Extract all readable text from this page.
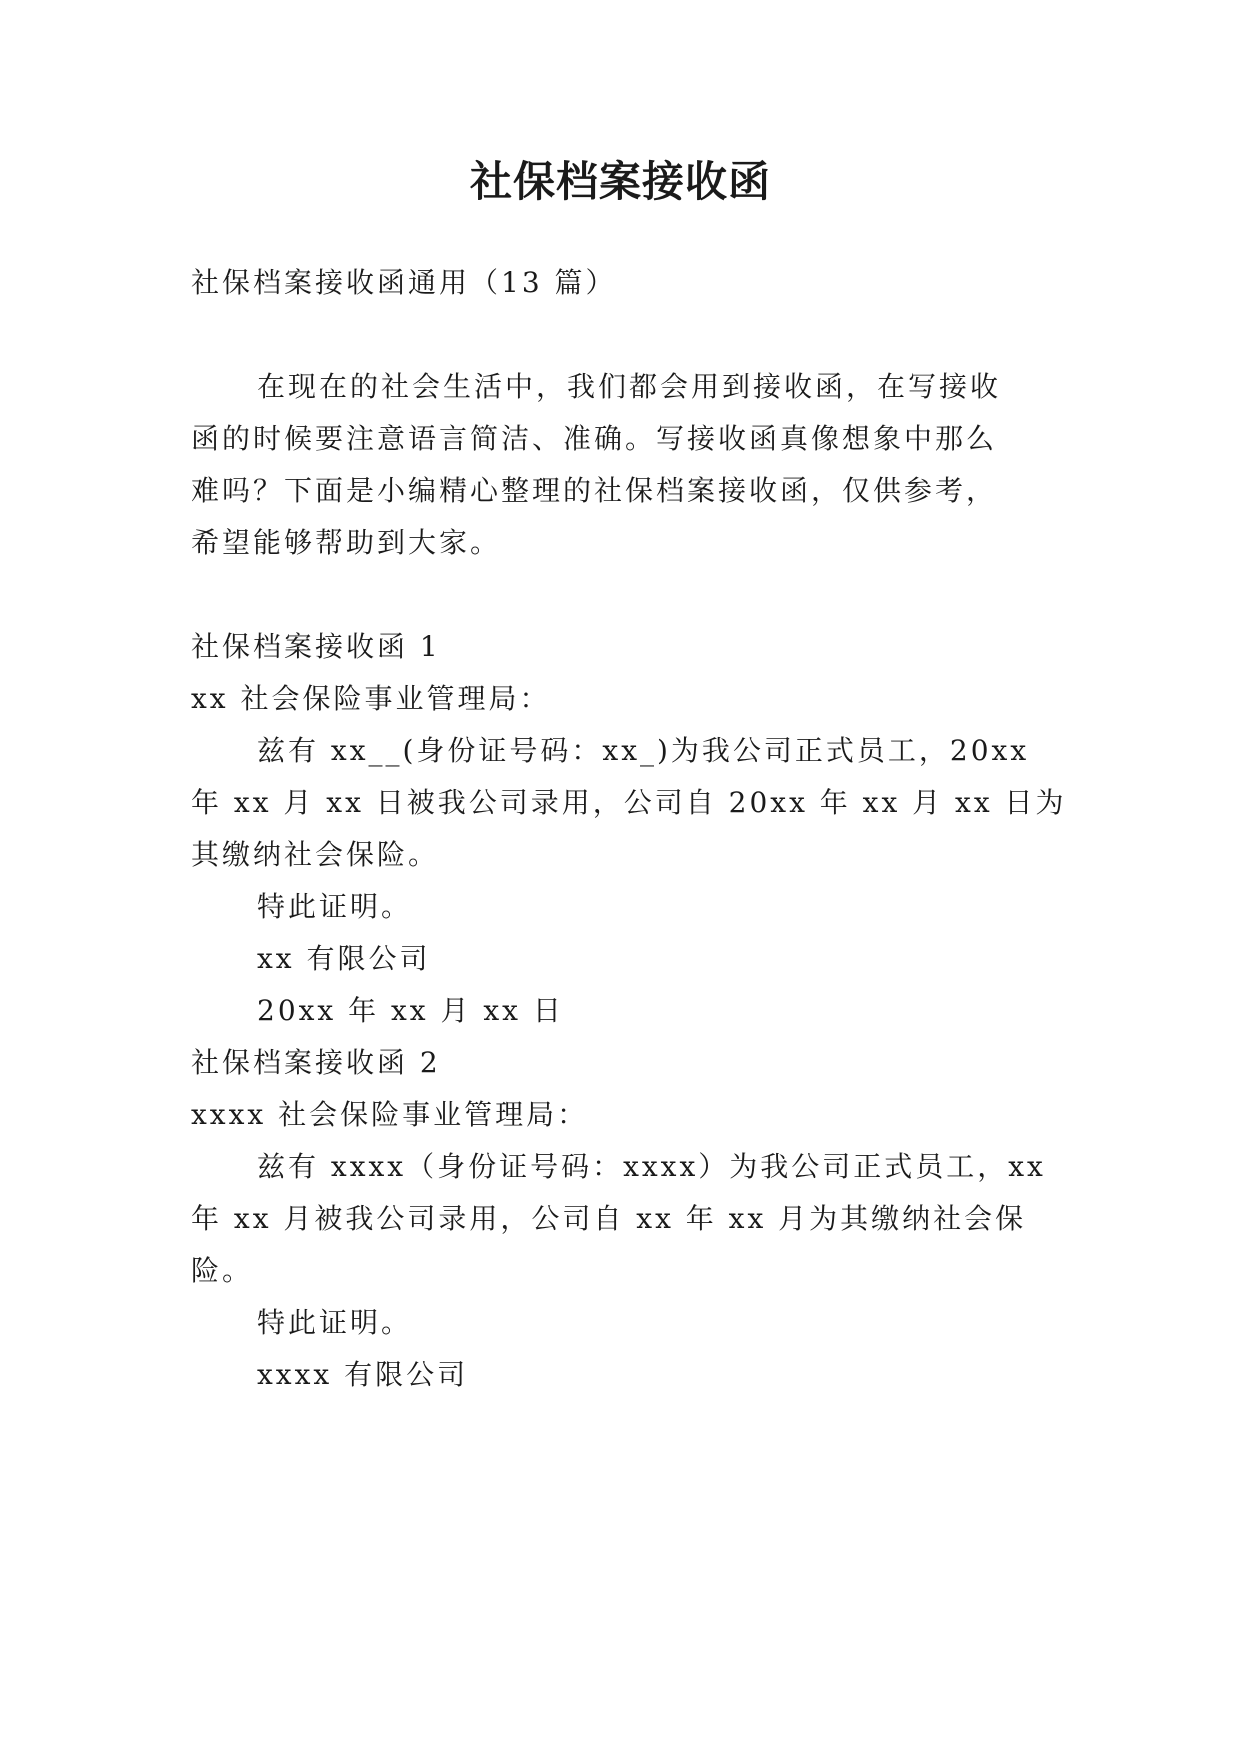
社保档案接收函
社保档案接收函通用（13 篇）
在现在的社会生活中，我们都会用到接收函，在写接收
函的时候要注意语言简洁、准确。写接收函真像想象中那么
难吗？下面是小编精心整理的社保档案接收函，仅供参考，
希望能够帮助到大家。
社保档案接收函 1
xx 社会保险事业管理局：
兹有 xx__(身份证号码：xx_)为我公司正式员工，20xx
年 xx 月 xx 日被我公司录用，公司自 20xx 年 xx 月 xx 日为
其缴纳社会保险。
特此证明。
xx 有限公司
20xx 年 xx 月 xx 日
社保档案接收函 2
xxxx 社会保险事业管理局：
兹有 xxxx（身份证号码：xxxx）为我公司正式员工，xx
年 xx 月被我公司录用，公司自 xx 年 xx 月为其缴纳社会保
险。
特此证明。
xxxx 有限公司
